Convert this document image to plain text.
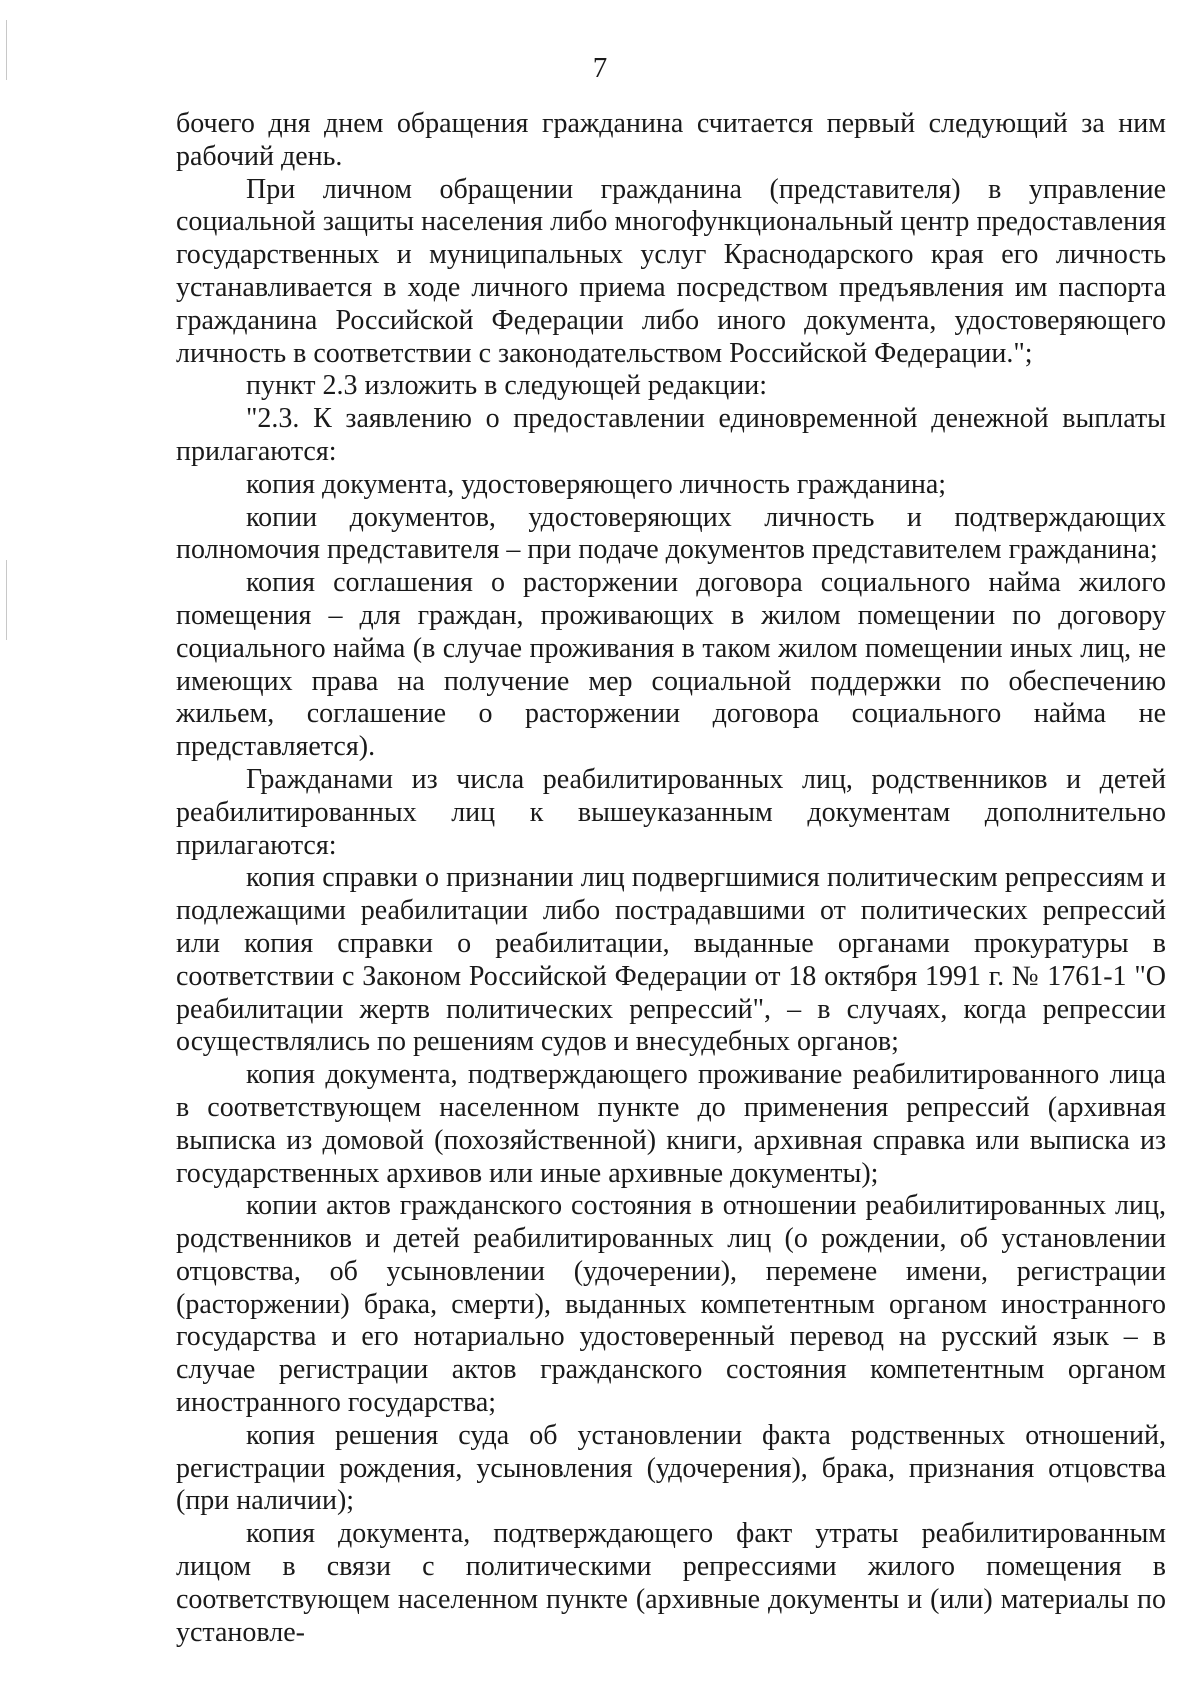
7

бочего дня днем обращения гражданина считается первый следующий за ним рабочий день.

При личном обращении гражданина (представителя) в управление социальной защиты населения либо многофункциональный центр предоставления государственных и муниципальных услуг Краснодарского края его личность устанавливается в ходе личного приема посредством предъявления им паспорта гражданина Российской Федерации либо иного документа, удостоверяющего личность в соответствии с законодательством Российской Федерации.";

пункт 2.3 изложить в следующей редакции:

"2.3. К заявлению о предоставлении единовременной денежной выплаты прилагаются:

копия документа, удостоверяющего личность гражданина;

копии документов, удостоверяющих личность и подтверждающих полномочия представителя – при подаче документов представителем гражданина;

копия соглашения о расторжении договора социального найма жилого помещения – для граждан, проживающих в жилом помещении по договору социального найма (в случае проживания в таком жилом помещении иных лиц, не имеющих права на получение мер социальной поддержки по обеспечению жильем, соглашение о расторжении договора социального найма не представляется).

Гражданами из числа реабилитированных лиц, родственников и детей реабилитированных лиц к вышеуказанным документам дополнительно прилагаются:

копия справки о признании лиц подвергшимися политическим репрессиям и подлежащими реабилитации либо пострадавшими от политических репрессий или копия справки о реабилитации, выданные органами прокуратуры в соответствии с Законом Российской Федерации от 18 октября 1991 г. № 1761-1 "О реабилитации жертв политических репрессий", – в случаях, когда репрессии осуществлялись по решениям судов и внесудебных органов;

копия документа, подтверждающего проживание реабилитированного лица в соответствующем населенном пункте до применения репрессий (архивная выписка из домовой (похозяйственной) книги, архивная справка или выписка из государственных архивов или иные архивные документы);

копии актов гражданского состояния в отношении реабилитированных лиц, родственников и детей реабилитированных лиц (о рождении, об установлении отцовства, об усыновлении (удочерении), перемене имени, регистрации (расторжении) брака, смерти), выданных компетентным органом иностранного государства и его нотариально удостоверенный перевод на русский язык – в случае регистрации актов гражданского состояния компетентным органом иностранного государства;

копия решения суда об установлении факта родственных отношений, регистрации рождения, усыновления (удочерения), брака, признания отцовства (при наличии);

копия документа, подтверждающего факт утраты реабилитированным лицом в связи с политическими репрессиями жилого помещения в соответствующем населенном пункте (архивные документы и (или) материалы по установле-
